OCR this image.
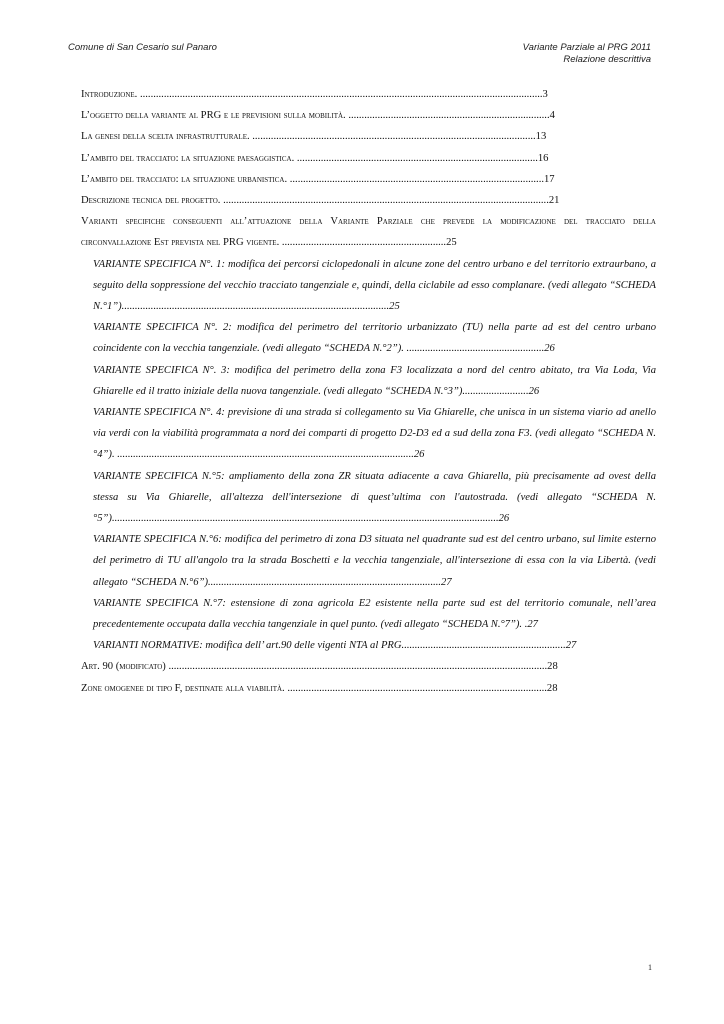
Comune di San Cesario sul Panaro	Variante Parziale al PRG 2011
Relazione descrittiva
Introduzione. ........................................................................................................................................................3
L’oggetto della variante al PRG e le previsioni sulla mobilità. ............................................................................4
La genesi della scelta infrastrutturale. ...........................................................................................................13
L’ambito del tracciato: la situazione paesaggistica. ...........................................................................................16
L’ambito del tracciato: la situazione urbanistica. ................................................................................................17
Descrizione tecnica del progetto. ...........................................................................................................................21
Varianti specifiche conseguenti all’attuazione della Variante Parziale che prevede la modificazione del tracciato della circonvallazione Est prevista nel PRG vigente. ..............................................................25
VARIANTE SPECIFICA N°. 1: modifica dei percorsi ciclopedonali in alcune zone del centro urbano e del territorio extraurbano, a seguito della soppressione del vecchio tracciato tangenziale e, quindi, della ciclabile ad esso complanare. (vedi allegato “SCHEDA N.°1”).....................................................................................................25
VARIANTE SPECIFICA N°. 2: modifica del perimetro del territorio urbanizzato (TU) nella parte ad est del centro urbano coincidente con la vecchia tangenziale. (vedi allegato “SCHEDA N.°2”). ....................................................26
VARIANTE SPECIFICA N°. 3: modifica del perimetro della zona F3 localizzata a nord del centro abitato, tra Via Loda, Via Ghiarelle ed il tratto iniziale della nuova tangenziale. (vedi allegato “SCHEDA N.°3”).........................26
VARIANTE SPECIFICA N°. 4: previsione di una strada si collegamento su Via Ghiarelle, che unisca in un sistema viario ad anello via verdi con la viabilità programmata a nord dei comparti di progetto D2-D3 ed a sud della zona F3. (vedi allegato “SCHEDA N.°4”). ................................................................................................................26
VARIANTE SPECIFICA N.°5: ampliamento della zona ZR situata adiacente a cava Ghiarella, più precisamente ad ovest della stessa su Via Ghiarelle, all'altezza dell'intersezione di quest’ultima con l'autostrada. (vedi allegato “SCHEDA N.°5”)..................................................................................................................................................26
VARIANTE SPECIFICA N.°6: modifica del perimetro di zona D3 situata nel quadrante sud est del centro urbano, sul limite esterno del perimetro di TU all'angolo tra la strada Boschetti e la vecchia tangenziale, all'intersezione di essa con la via Libertà. (vedi allegato “SCHEDA N.°6”)........................................................................................27
VARIANTE SPECIFICA N.°7: estensione di zona agricola E2 esistente nella parte sud est del territorio comunale, nell’area precedentemente occupata dalla vecchia tangenziale in quel punto. (vedi allegato “SCHEDA N.°7”). .27
VARIANTI NORMATIVE: modifica dell’ art.90 delle vigenti NTA al PRG..............................................................27
Art. 90 (modificato) ...............................................................................................................................................28
Zone omogenee di tipo F, destinate alla viabilità. ..................................................................................................28
1
